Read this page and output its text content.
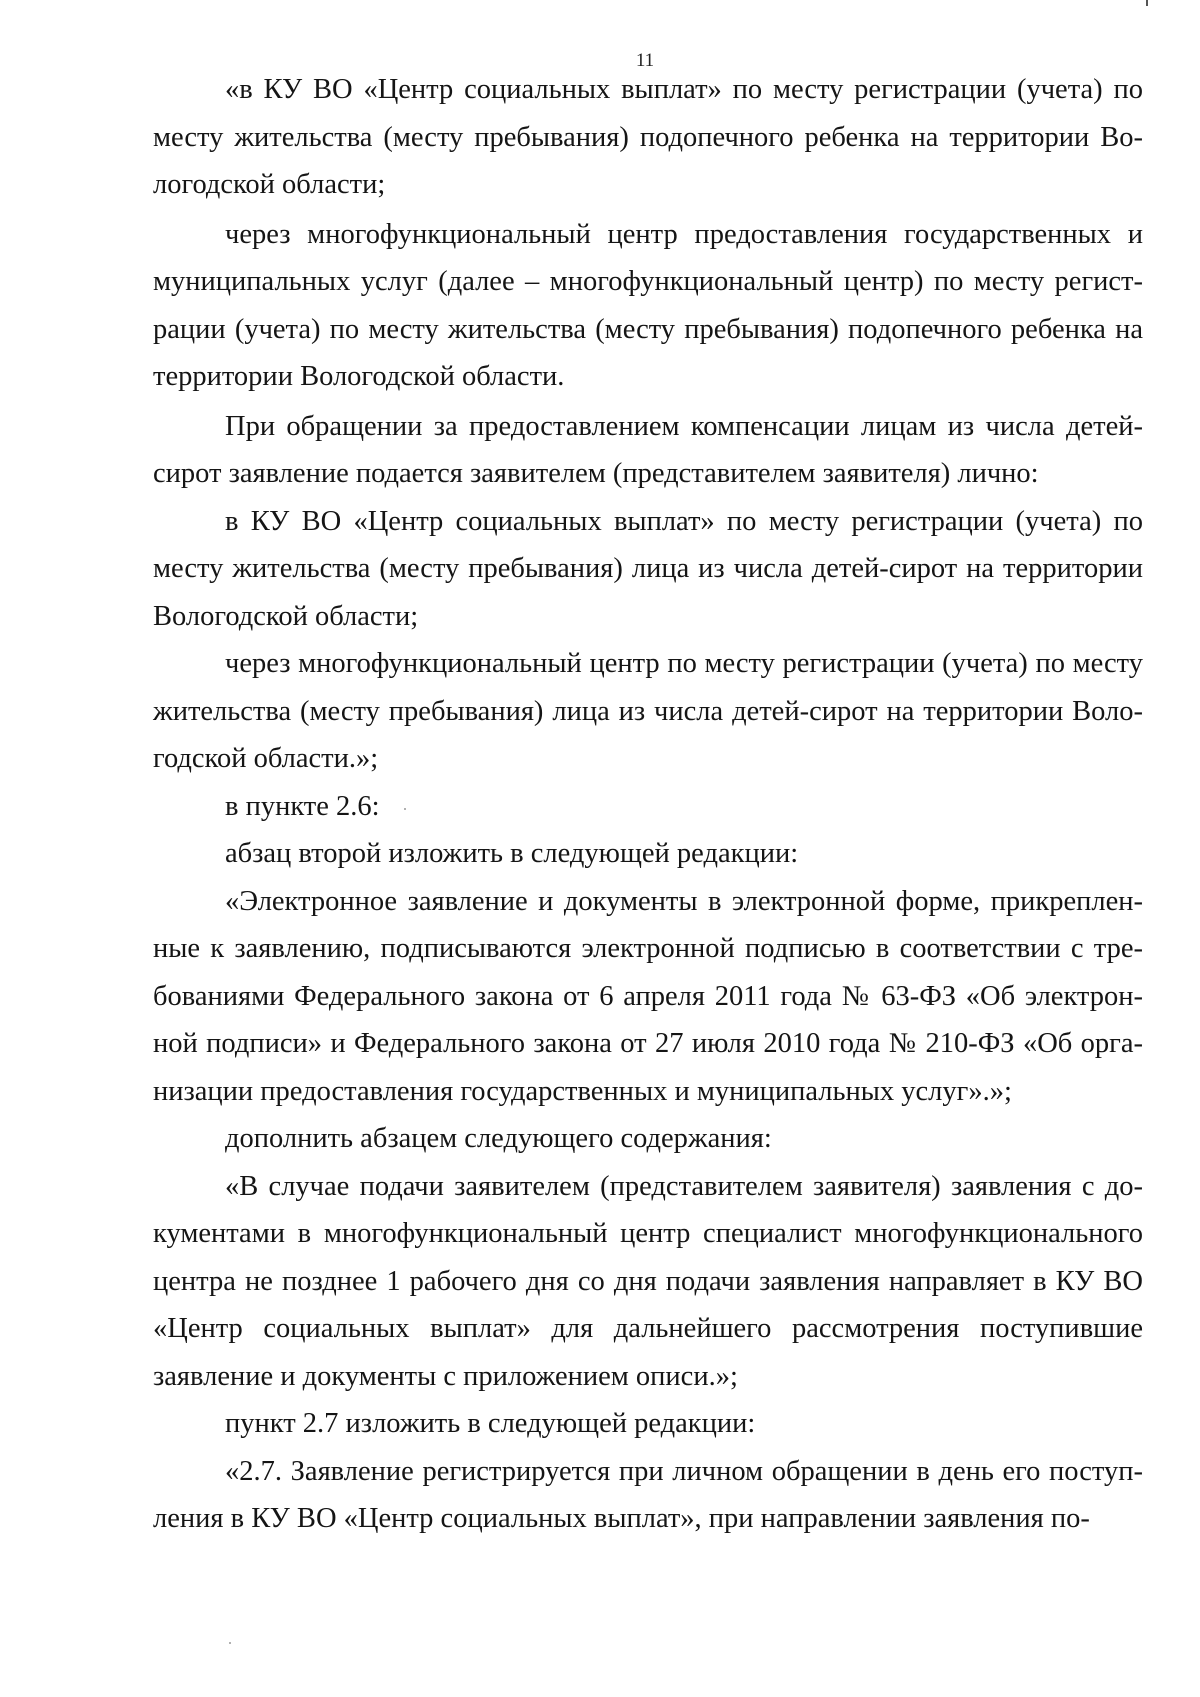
11

«в КУ ВО «Центр социальных выплат» по месту регистрации (учета) по месту жительства (месту пребывания) подопечного ребенка на территории Вологодской области;

через многофункциональный центр предоставления государственных и муниципальных услуг (далее – многофункциональный центр) по месту регистрации (учета) по месту жительства (месту пребывания) подопечного ребенка на территории Вологодской области.

При обращении за предоставлением компенсации лицам из числа детей-сирот заявление подается заявителем (представителем заявителя) лично:

в КУ ВО «Центр социальных выплат» по месту регистрации (учета) по месту жительства (месту пребывания) лица из числа детей-сирот на территории Вологодской области;

через многофункциональный центр по месту регистрации (учета) по месту жительства (месту пребывания) лица из числа детей-сирот на территории Вологодской области.»;

в пункте 2.6:

абзац второй изложить в следующей редакции:

«Электронное заявление и документы в электронной форме, прикрепленные к заявлению, подписываются электронной подписью в соответствии с требованиями Федерального закона от 6 апреля 2011 года № 63-ФЗ «Об электронной подписи» и Федерального закона от 27 июля 2010 года № 210-ФЗ «Об организации предоставления государственных и муниципальных услуг».»;

дополнить абзацем следующего содержания:

«В случае подачи заявителем (представителем заявителя) заявления с документами в многофункциональный центр специалист многофункционального центра не позднее 1 рабочего дня со дня подачи заявления направляет в КУ ВО «Центр социальных выплат» для дальнейшего рассмотрения поступившие заявление и документы с приложением описи.»;

пункт 2.7 изложить в следующей редакции:

«2.7. Заявление регистрируется при личном обращении в день его поступления в КУ ВО «Центр социальных выплат», при направлении заявления по-
